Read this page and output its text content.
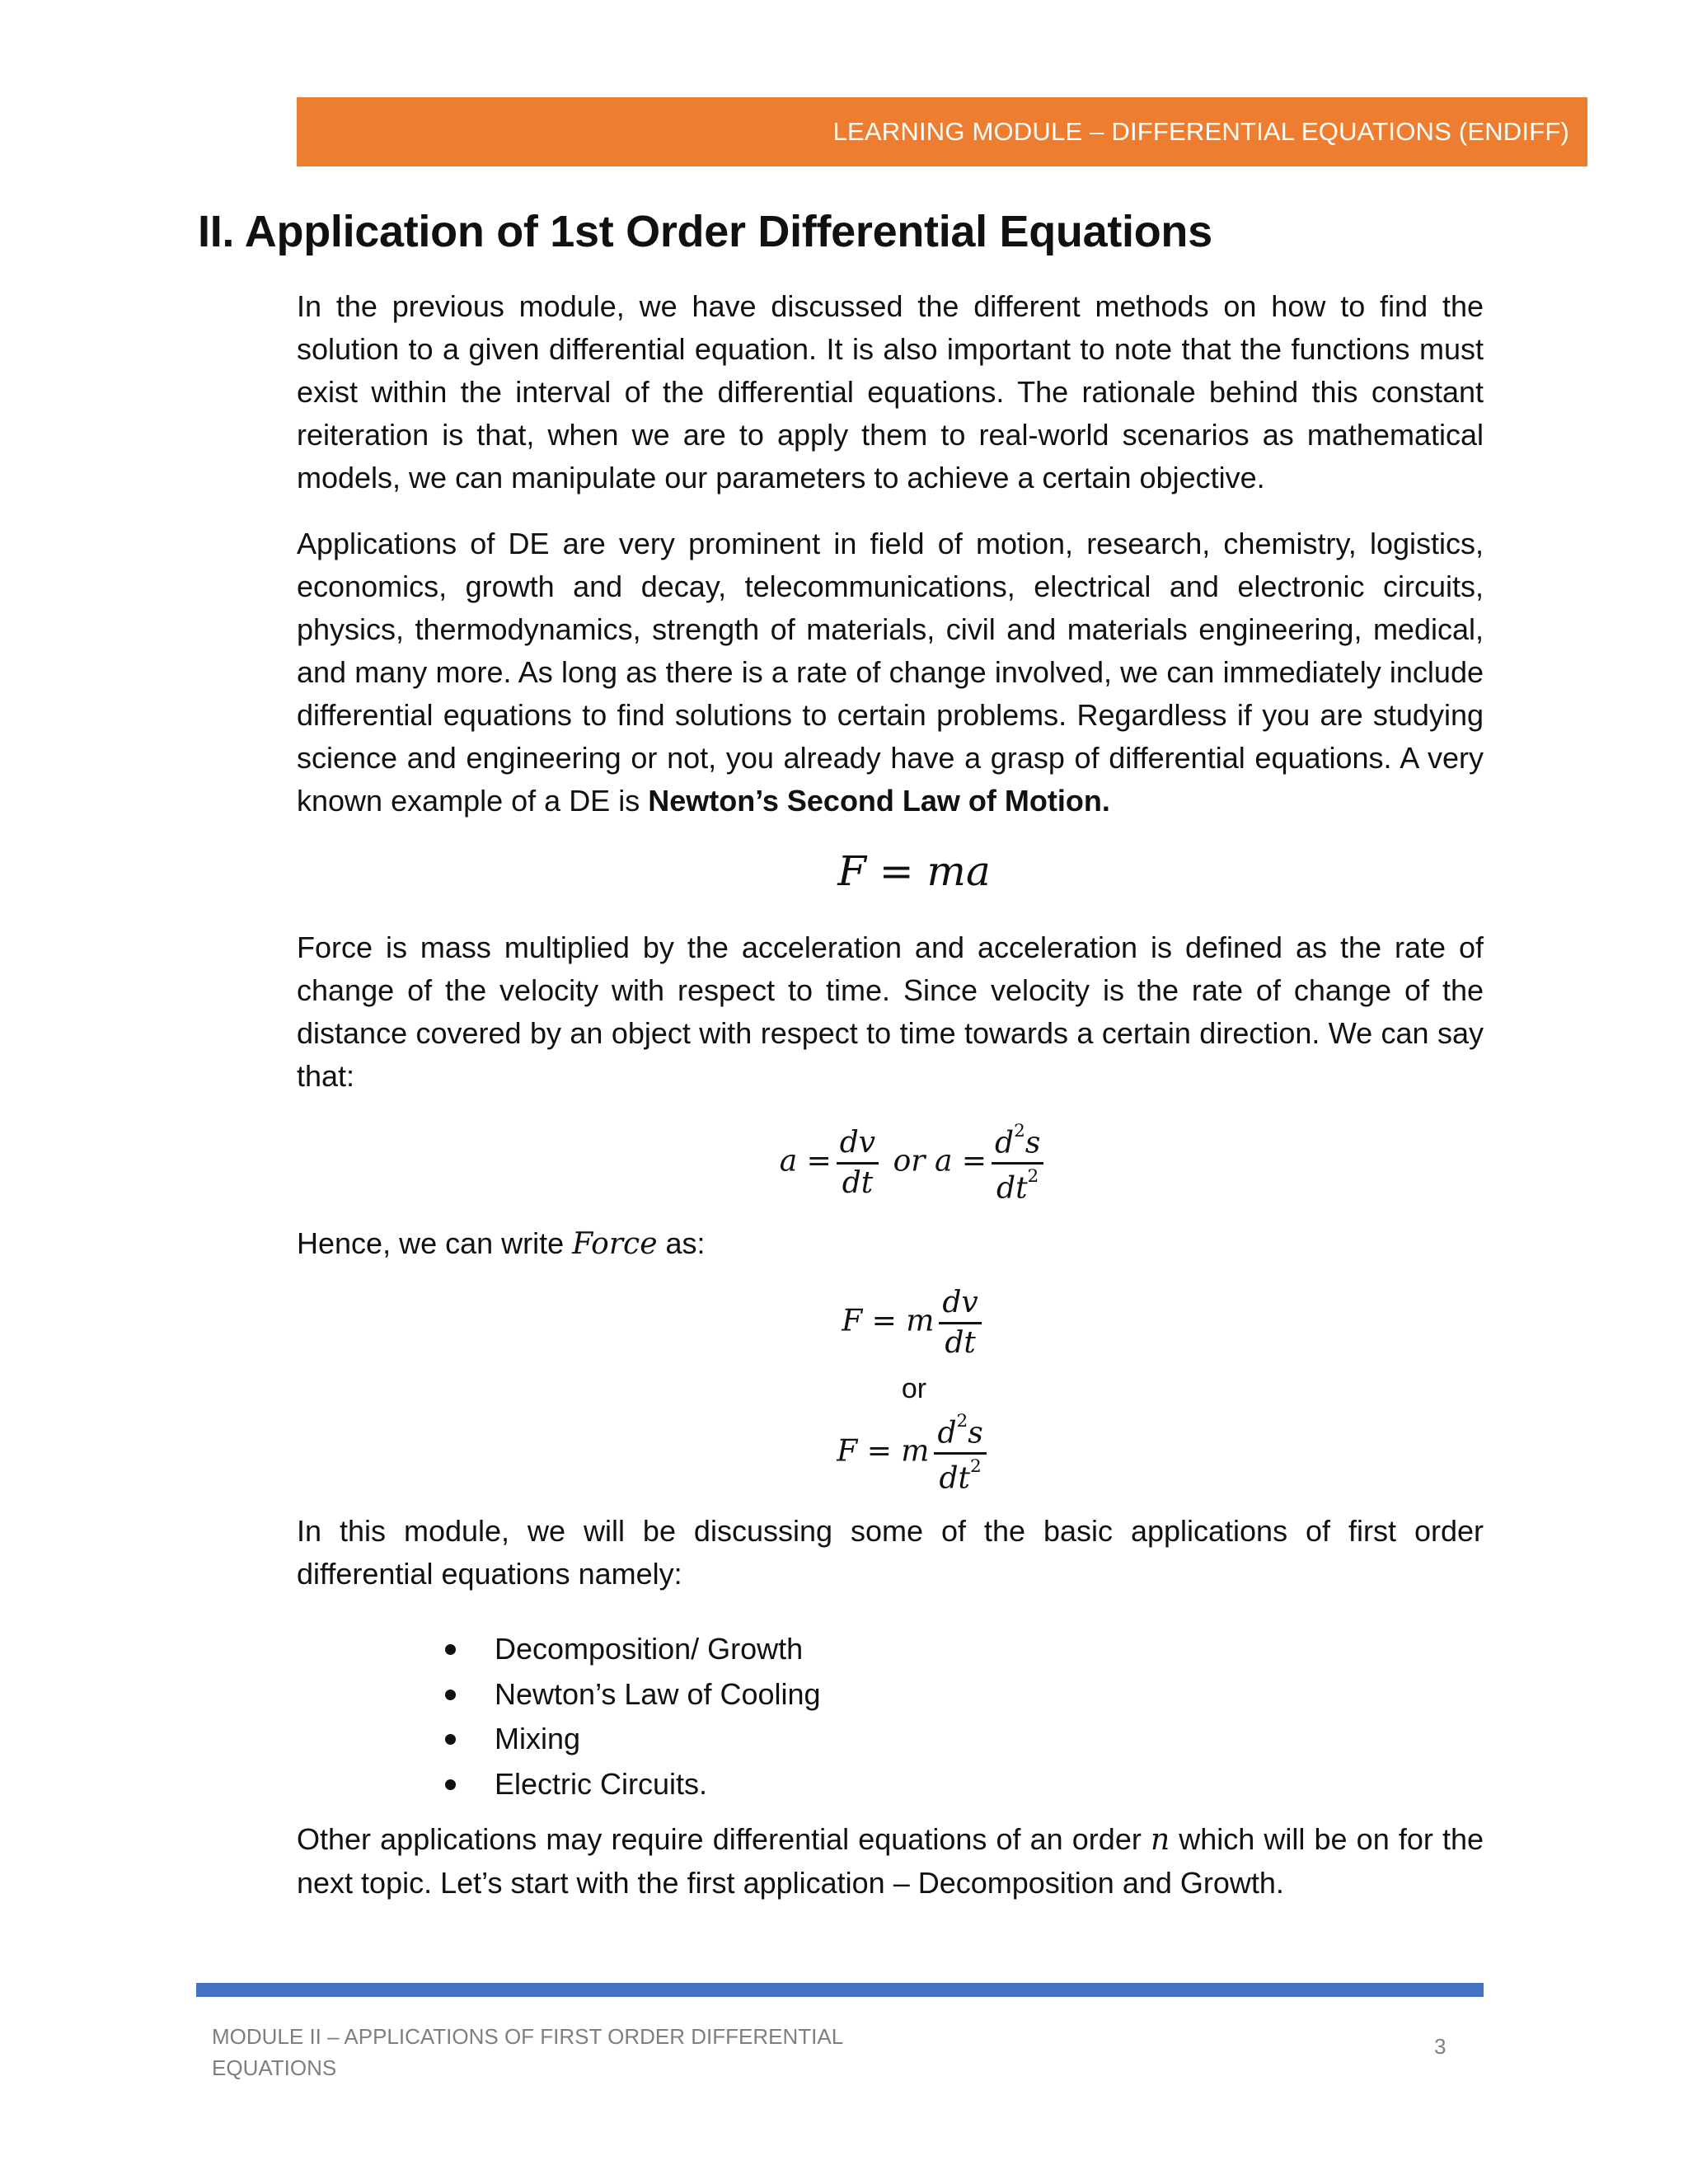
LEARNING MODULE – DIFFERENTIAL EQUATIONS (ENDIFF)
II. Application of 1st Order Differential Equations

In the previous module, we have discussed the different methods on how to find the solution to a given differential equation. It is also important to note that the functions must exist within the interval of the differential equations. The rationale behind this constant reiteration is that, when we are to apply them to real-world scenarios as mathematical models, we can manipulate our parameters to achieve a certain objective.

Applications of DE are very prominent in field of motion, research, chemistry, logistics, economics, growth and decay, telecommunications, electrical and electronic circuits, physics, thermodynamics, strength of materials, civil and materials engineering, medical, and many more. As long as there is a rate of change involved, we can immediately include differential equations to find solutions to certain problems. Regardless if you are studying science and engineering or not, you already have a grasp of differential equations. A very known example of a DE is Newton’s Second Law of Motion.

F = ma

Force is mass multiplied by the acceleration and acceleration is defined as the rate of change of the velocity with respect to time. Since velocity is the rate of change of the distance covered by an object with respect to time towards a certain direction. We can say that:

$a = \frac{dv}{dt}$ or $a = \frac{d^2s}{dt^2}$

Hence, we can write Force as:

F = m $\frac{dv}{dt}$
or
F = m $\frac{d^2s}{dt^2}$

In this module, we will be discussing some of the basic applications of first order differential equations namely:

Decomposition/ Growth
Newton’s Law of Cooling
Mixing
Electric Circuits.

Other applications may require differential equations of an order n which will be on for the next topic. Let’s start with the first application – Decomposition and Growth.

MODULE II – APPLICATIONS OF FIRST ORDER DIFFERENTIAL
EQUATIONS
3
